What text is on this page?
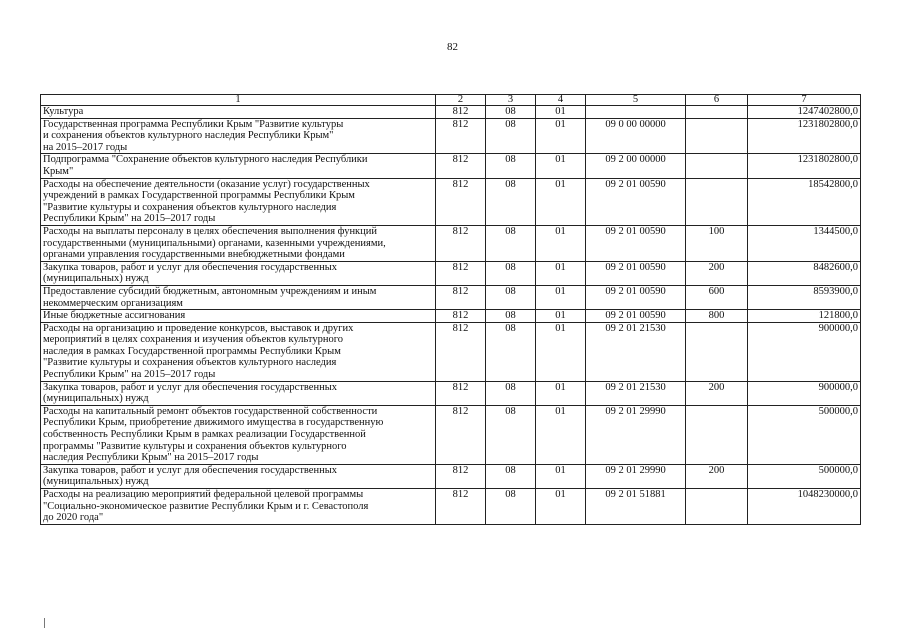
82
1	2	3	4	5	6	7
Культура	812	08	01			1247402800,0
Государственная программа Республики Крым "Развитие культуры
и сохранения объектов культурного наследия Республики Крым"
на 2015–2017 годы	812	08	01	09 0 00 00000		1231802800,0
Подпрограмма "Сохранение объектов культурного наследия Республики
Крым"	812	08	01	09 2 00 00000		1231802800,0
Расходы на обеспечение деятельности (оказание услуг) государственных
учреждений в рамках Государственной программы Республики Крым
"Развитие культуры и сохранения объектов культурного наследия
Республики Крым" на 2015–2017 годы	812	08	01	09 2 01 00590		18542800,0
Расходы на выплаты персоналу в целях обеспечения выполнения функций
государственными (муниципальными) органами, казенными учреждениями,
органами управления государственными внебюджетными фондами	812	08	01	09 2 01 00590	100	1344500,0
Закупка товаров, работ и услуг для обеспечения государственных
(муниципальных) нужд	812	08	01	09 2 01 00590	200	8482600,0
Предоставление субсидий бюджетным, автономным учреждениям и иным
некоммерческим организациям	812	08	01	09 2 01 00590	600	8593900,0
Иные бюджетные ассигнования	812	08	01	09 2 01 00590	800	121800,0
Расходы на организацию и проведение конкурсов, выставок и других
мероприятий в целях сохранения и изучения объектов культурного
наследия в рамках Государственной программы Республики Крым
"Развитие культуры и сохранения объектов культурного наследия
Республики Крым" на 2015–2017 годы	812	08	01	09 2 01 21530		900000,0
Закупка товаров, работ и услуг для обеспечения государственных
(муниципальных) нужд	812	08	01	09 2 01 21530	200	900000,0
Расходы на капитальный ремонт объектов государственной собственности
Республики Крым, приобретение движимого имущества в государственную
собственность Республики Крым в рамках реализации Государственной
программы "Развитие культуры и сохранения объектов культурного
наследия Республики Крым" на 2015–2017 годы	812	08	01	09 2 01 29990		500000,0
Закупка товаров, работ и услуг для обеспечения государственных
(муниципальных) нужд	812	08	01	09 2 01 29990	200	500000,0
Расходы на реализацию мероприятий федеральной целевой программы
"Социально-экономическое развитие Республики Крым и г. Севастополя
до 2020 года"	812	08	01	09 2 01 51881		1048230000,0
